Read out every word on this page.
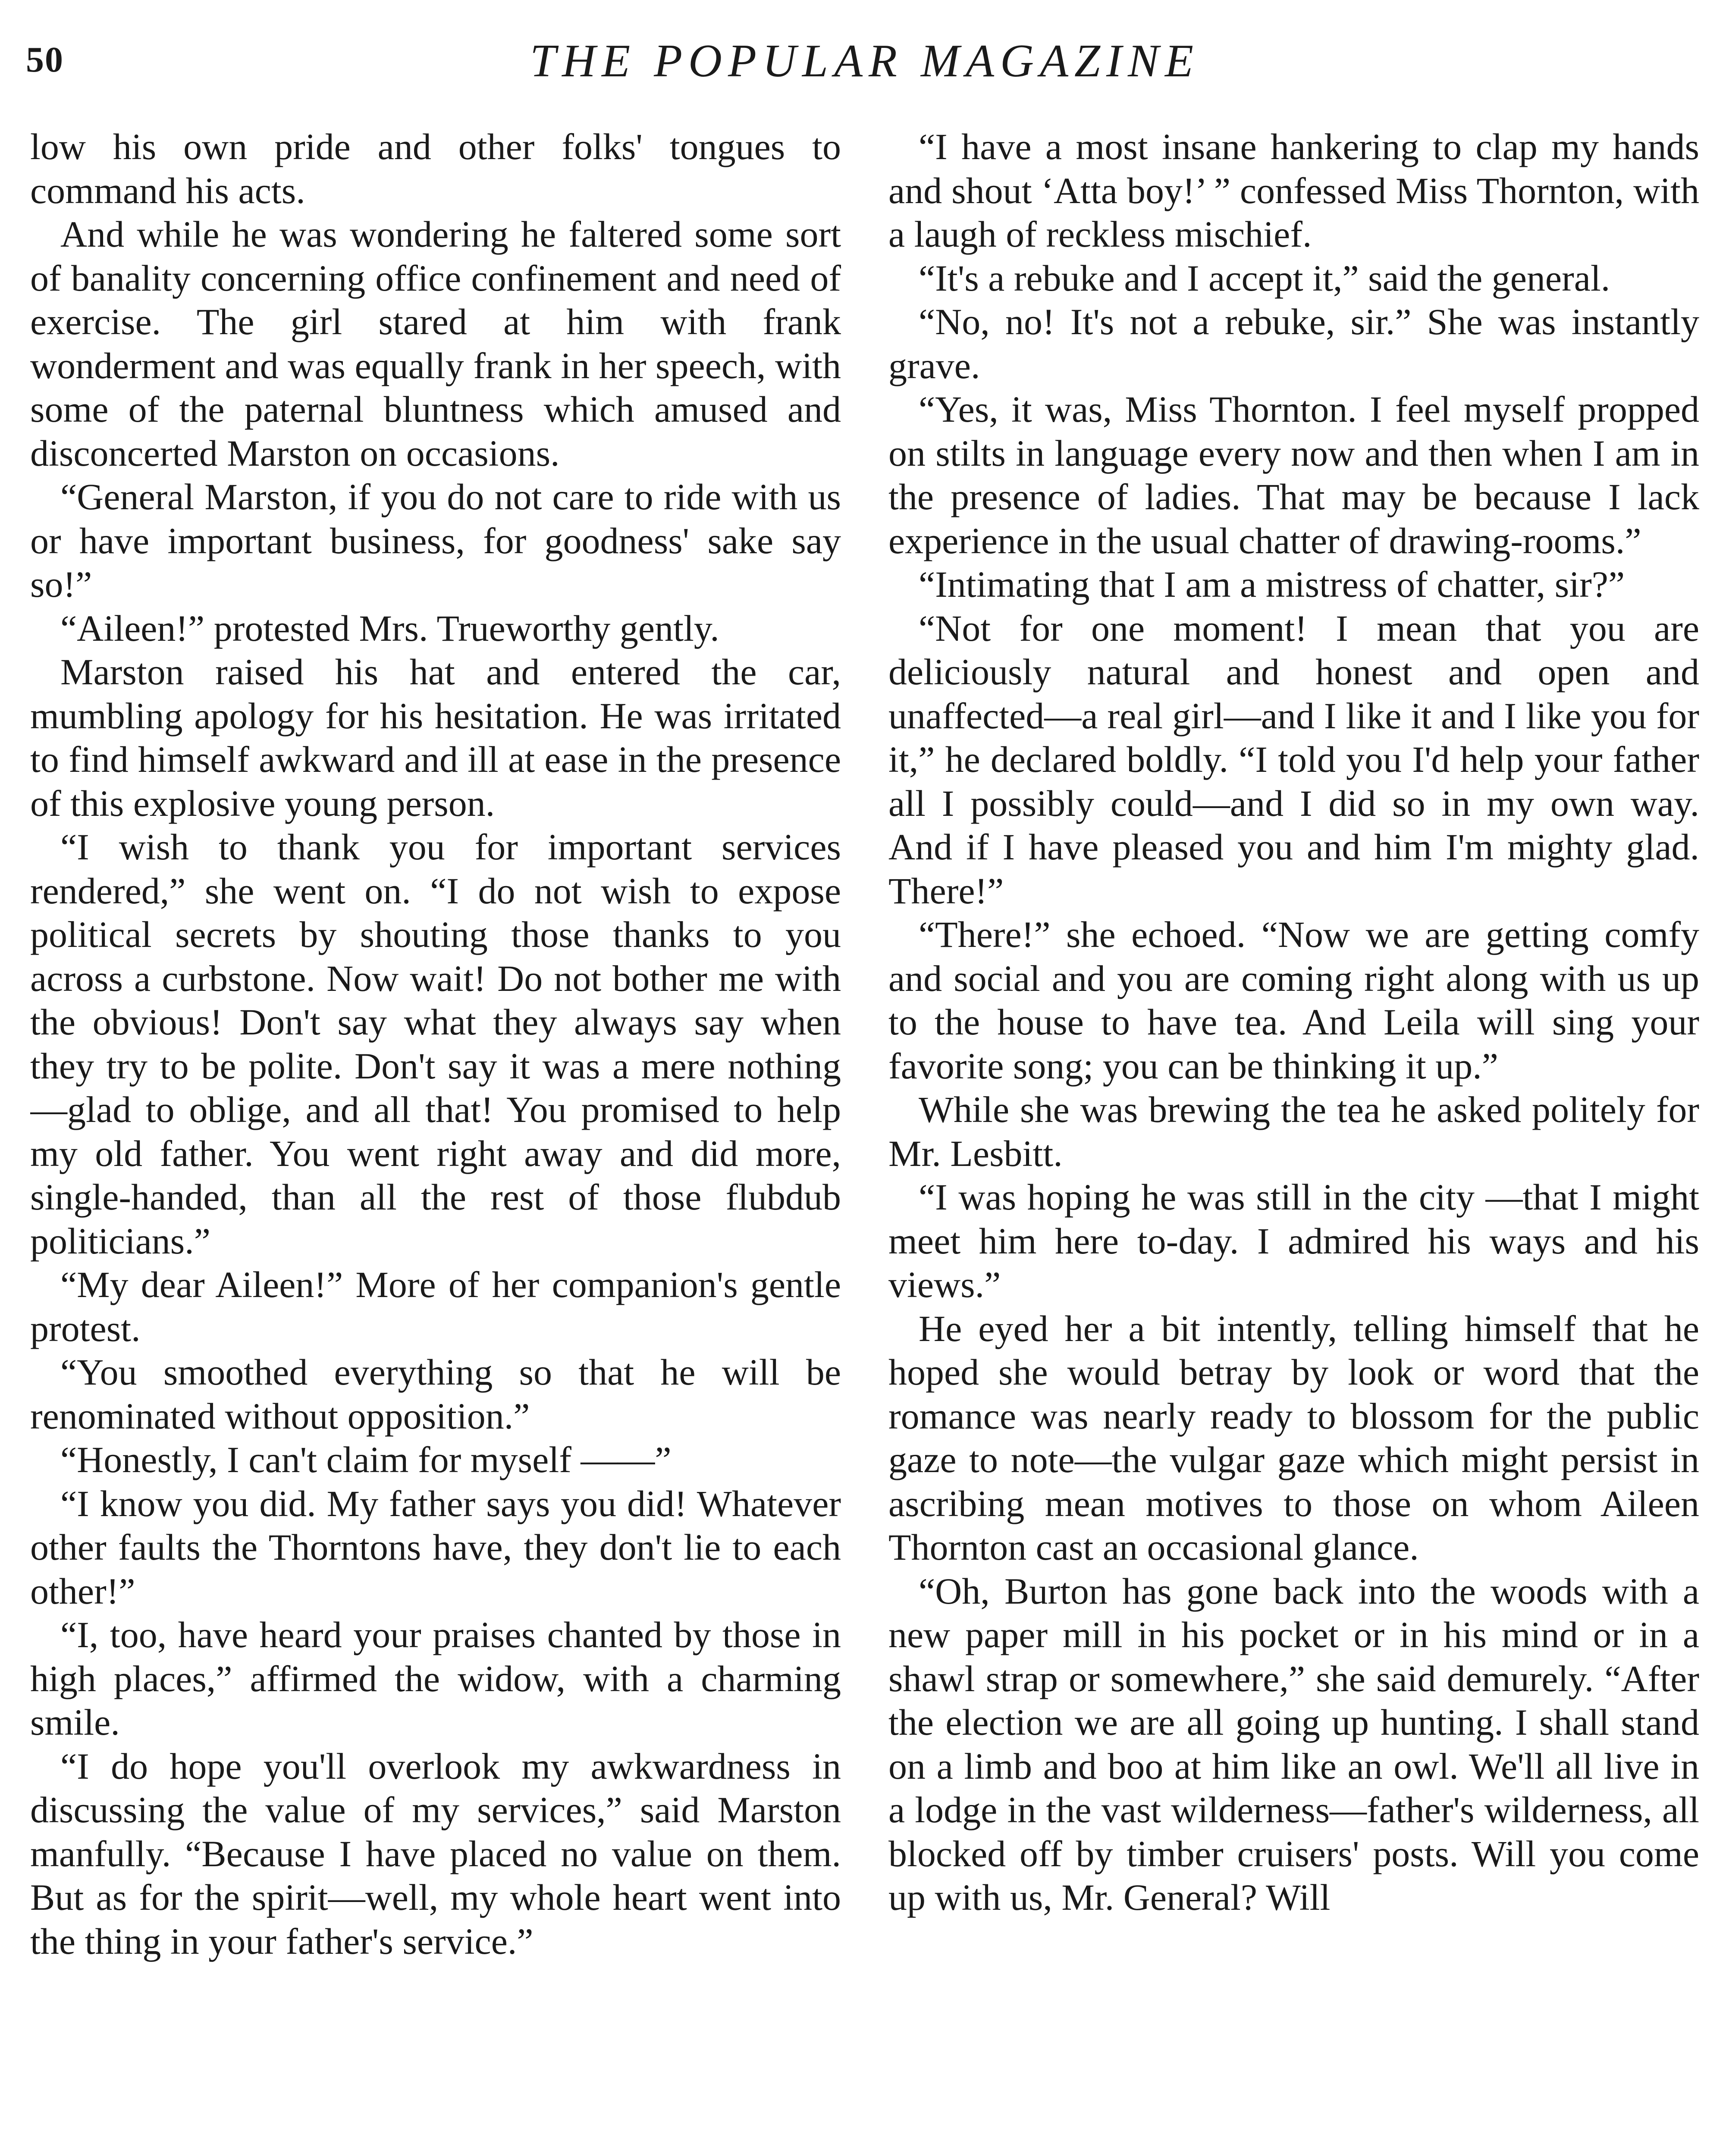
50	THE POPULAR MAGAZINE

low his own pride and other folks' tongues to command his acts.

And while he was wondering he faltered some sort of banality concerning office confinement and need of exercise. The girl stared at him with frank wonderment and was equally frank in her speech, with some of the paternal bluntness which amused and disconcerted Marston on occasions.

“General Marston, if you do not care to ride with us or have important business, for goodness' sake say so!”

“Aileen!” protested Mrs. Trueworthy gently.

Marston raised his hat and entered the car, mumbling apology for his hesitation. He was irritated to find himself awkward and ill at ease in the presence of this explosive young person.

“I wish to thank you for important services rendered,” she went on. “I do not wish to expose political secrets by shouting those thanks to you across a curbstone. Now wait! Do not bother me with the obvious! Don't say what they always say when they try to be polite. Don't say it was a mere nothing—glad to oblige, and all that! You promised to help my old father. You went right away and did more, single-handed, than all the rest of those flubdub politicians.”

“My dear Aileen!” More of her companion's gentle protest.

“You smoothed everything so that he will be renominated without opposition.”

“Honestly, I can't claim for myself ——”

“I know you did. My father says you did! Whatever other faults the Thorntons have, they don't lie to each other!”

“I, too, have heard your praises chanted by those in high places,” affirmed the widow, with a charming smile.

“I do hope you'll overlook my awkwardness in discussing the value of my services,” said Marston manfully. “Because I have placed no value on them. But as for the spirit—well, my whole heart went into the thing in your father's service.”

“I have a most insane hankering to clap my hands and shout ‘Atta boy!’ ” confessed Miss Thornton, with a laugh of reckless mischief.

“It's a rebuke and I accept it,” said the general.

“No, no! It's not a rebuke, sir.” She was instantly grave.

“Yes, it was, Miss Thornton. I feel myself propped on stilts in language every now and then when I am in the presence of ladies. That may be because I lack experience in the usual chatter of drawing-rooms.”

“Intimating that I am a mistress of chatter, sir?”

“Not for one moment! I mean that you are deliciously natural and honest and open and unaffected—a real girl—and I like it and I like you for it,” he declared boldly. “I told you I'd help your father all I possibly could—and I did so in my own way. And if I have pleased you and him I'm mighty glad. There!”

“There!” she echoed. “Now we are getting comfy and social and you are coming right along with us up to the house to have tea. And Leila will sing your favorite song; you can be thinking it up.”

While she was brewing the tea he asked politely for Mr. Lesbitt.

“I was hoping he was still in the city —that I might meet him here to-day. I admired his ways and his views.”

He eyed her a bit intently, telling himself that he hoped she would betray by look or word that the romance was nearly ready to blossom for the public gaze to note—the vulgar gaze which might persist in ascribing mean motives to those on whom Aileen Thornton cast an occasional glance.

“Oh, Burton has gone back into the woods with a new paper mill in his pocket or in his mind or in a shawl strap or somewhere,” she said demurely. “After the election we are all going up hunting. I shall stand on a limb and boo at him like an owl. We'll all live in a lodge in the vast wilderness—father's wilderness, all blocked off by timber cruisers' posts. Will you come up with us, Mr. General? Will
